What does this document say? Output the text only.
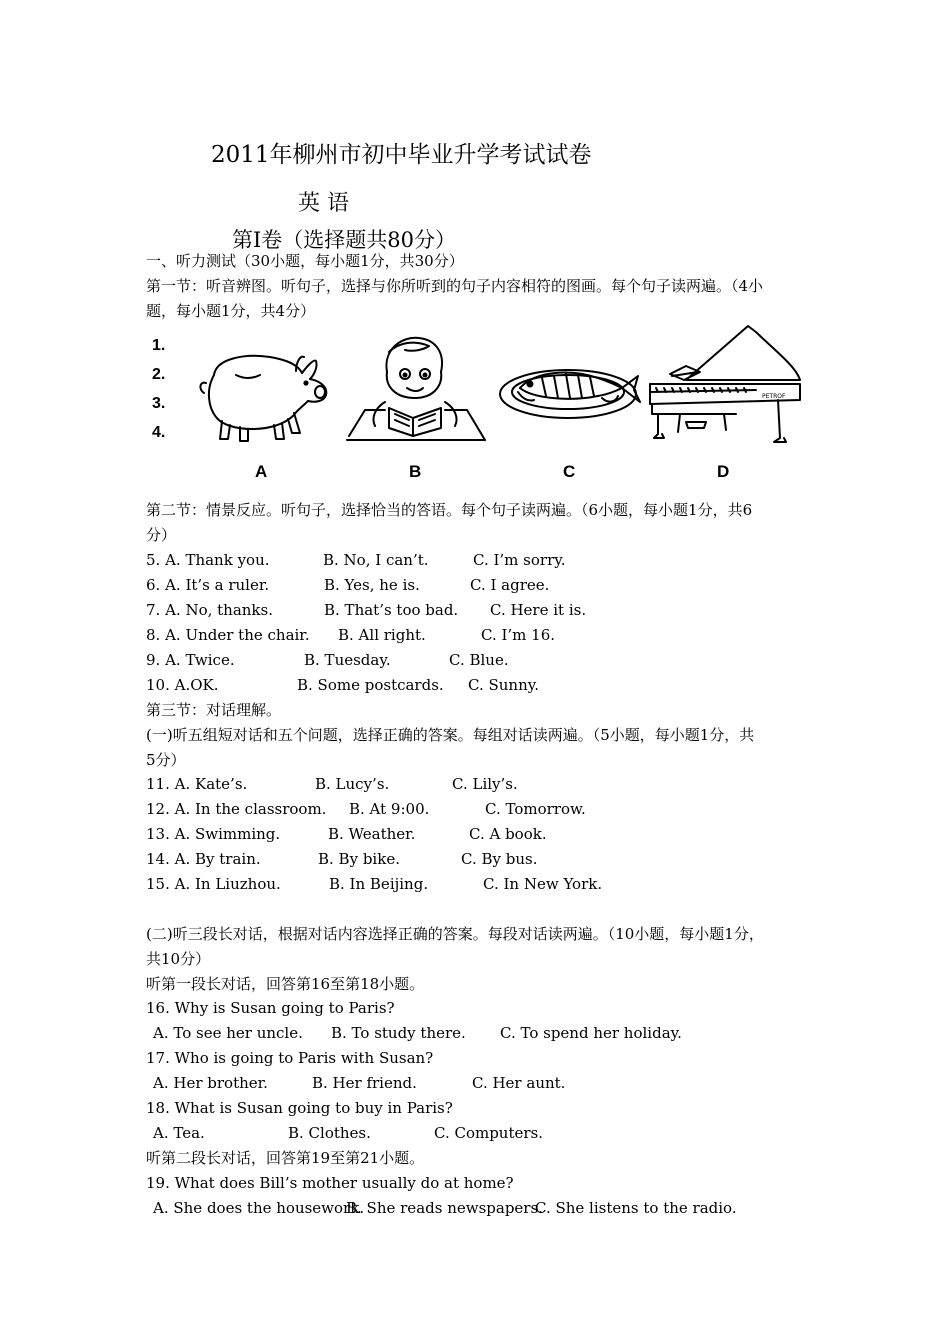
2011年柳州市初中毕业升学考试试卷
英 语
第Ⅰ卷（选择题共80分）
一、听力测试（30小题，每小题1分，共30分）
第一节：听音辨图。听句子，选择与你所听到的句子内容相符的图画。每个句子读两遍。（4小
题，每小题1分，共4分）
1.
2.
3.
4.
PETROF
A	B	C	D
第二节：情景反应。听句子，选择恰当的答语。每个句子读两遍。（6小题，每小题1分，共6
分）
5. A. Thank you.	B. No, I can’t.	C. I’m sorry.
6. A. It’s a ruler.	B. Yes, he is.	C. I agree.
7. A. No, thanks.	B. That’s too bad. C. Here it is.
8. A. Under the chair. B. All right.	C. I’m 16.
9. A. Twice.	B. Tuesday.	C. Blue.
10. A.OK.	B. Some postcards. C. Sunny.
第三节：对话理解。
(一)听五组短对话和五个问题，选择正确的答案。每组对话读两遍。（5小题，每小题1分，共
5分）
11. A. Kate’s.	B. Lucy’s.	C. Lily’s.
12. A. In the classroom. B. At 9:00.	C. Tomorrow.
13. A. Swimming.	B. Weather.	C. A book.
14. A. By train.	B. By bike.	C. By bus.
15. A. In Liuzhou.	B. In Beijing.	C. In New York.
(二)听三段长对话，根据对话内容选择正确的答案。每段对话读两遍。（10小题，每小题1分，
共10分）
听第一段长对话，回答第16至第18小题。
16. Why is Susan going to Paris?
A. To see her uncle. B. To study there. C. To spend her holiday.
17. Who is going to Paris with Susan?
A. Her brother.	B. Her friend.	C. Her aunt.
18. What is Susan going to buy in Paris?
A. Tea.	B. Clothes.	C. Computers.
听第二段长对话，回答第19至第21小题。
19. What does Bill’s mother usually do at home?
A. She does the housework.
B. She reads newspapers.
C. She listens to the radio.
